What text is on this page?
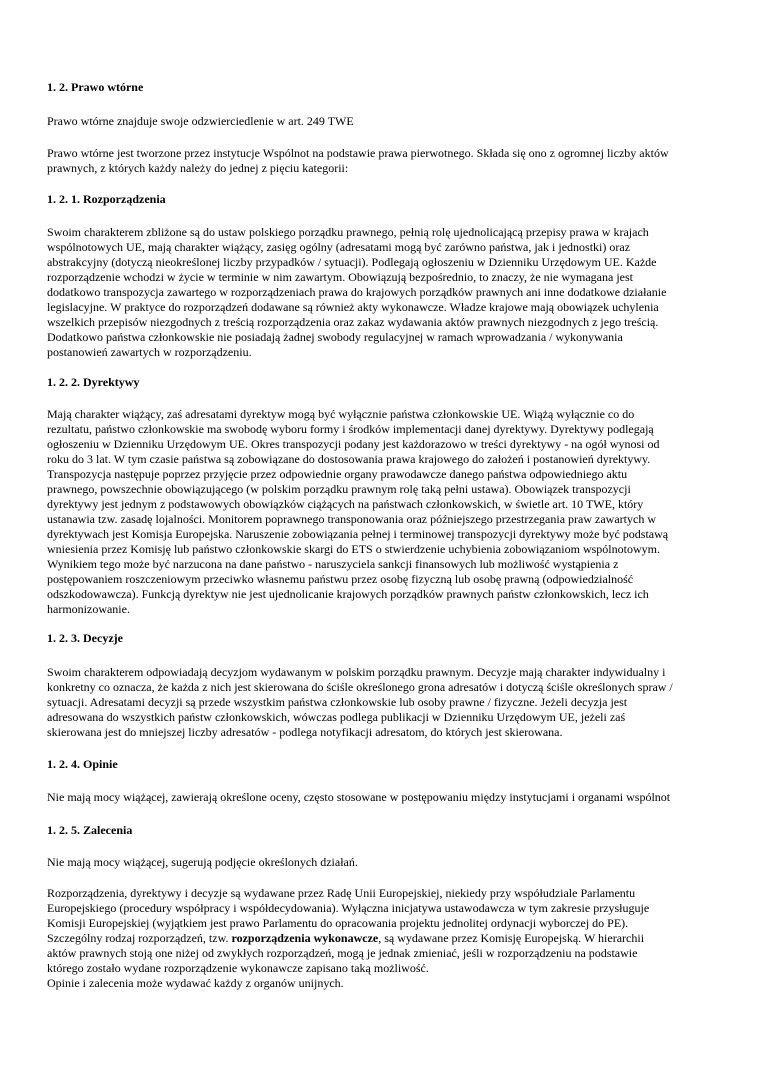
1. 2. Prawo wtórne
Prawo wtórne znajduje swoje odzwierciedlenie w art. 249 TWE
Prawo wtórne jest tworzone przez instytucje Wspólnot na podstawie prawa pierwotnego. Składa się ono z ogromnej liczby aktów
prawnych, z których każdy należy do jednej z pięciu kategorii:
1. 2. 1. Rozporządzenia
Swoim charakterem zbliżone są do ustaw polskiego porządku prawnego, pełnią rolę ujednolicającą przepisy prawa w krajach
wspólnotowych UE, mają charakter wiążący, zasięg ogólny (adresatami mogą być zarówno państwa, jak i jednostki) oraz
abstrakcyjny (dotyczą nieokreślonej liczby przypadków / sytuacji). Podlegają ogłoszeniu w Dzienniku Urzędowym UE. Każde
rozporządzenie wchodzi w życie w terminie w nim zawartym. Obowiązują bezpośrednio, to znaczy, że nie wymagana jest
dodatkowo transpozycja zawartego w rozporządzeniach prawa do krajowych porządków prawnych ani inne dodatkowe działanie
legislacyjne. W praktyce do rozporządzeń dodawane są również akty wykonawcze. Władze krajowe mają obowiązek uchylenia
wszelkich przepisów niezgodnych z treścią rozporządzenia oraz zakaz wydawania aktów prawnych niezgodnych z jego treścią.
Dodatkowo państwa członkowskie nie posiadają żadnej swobody regulacyjnej w ramach wprowadzania / wykonywania
postanowień zawartych w rozporządzeniu.
1. 2. 2. Dyrektywy
Mają charakter wiążący, zaś adresatami dyrektyw mogą być wyłącznie państwa członkowskie UE. Wiążą wyłącznie co do
rezultatu, państwo członkowskie ma swobodę wyboru formy i środków implementacji danej dyrektywy. Dyrektywy podlegają
ogłoszeniu w Dzienniku Urzędowym UE. Okres transpozycji podany jest każdorazowo w treści dyrektywy - na ogół wynosi od
roku do 3 lat. W tym czasie państwa są zobowiązane do dostosowania prawa krajowego do założeń i postanowień dyrektywy.
Transpozycja następuje poprzez przyjęcie przez odpowiednie organy prawodawcze danego państwa odpowiedniego aktu
prawnego, powszechnie obowiązującego (w polskim porządku prawnym rolę taką pełni ustawa). Obowiązek transpozycji
dyrektywy jest jednym z podstawowych obowiązków ciążących na państwach członkowskich, w świetle art. 10 TWE, który
ustanawia tzw. zasadę lojalności. Monitorem poprawnego transponowania oraz późniejszego przestrzegania praw zawartych w
dyrektywach jest Komisja Europejska. Naruszenie zobowiązania pełnej i terminowej transpozycji dyrektywy może być podstawą
wniesienia przez Komisję lub państwo członkowskie skargi do ETS o stwierdzenie uchybienia zobowiązaniom wspólnotowym.
Wynikiem tego może być narzucona na dane państwo - naruszyciela sankcji finansowych lub możliwość wystąpienia z
postępowaniem roszczeniowym przeciwko własnemu państwu przez osobę fizyczną lub osobę prawną (odpowiedzialność
odszkodowawcza). Funkcją dyrektyw nie jest ujednolicanie krajowych porządków prawnych państw członkowskich, lecz ich
harmonizowanie.
1. 2. 3. Decyzje
Swoim charakterem odpowiadają decyzjom wydawanym w polskim porządku prawnym. Decyzje mają charakter indywidualny i
konkretny co oznacza, że każda z nich jest skierowana do ściśle określonego grona adresatów i dotyczą ściśle określonych spraw /
sytuacji. Adresatami decyzji są przede wszystkim państwa członkowskie lub osoby prawne / fizyczne. Jeżeli decyzja jest
adresowana do wszystkich państw członkowskich, wówczas podlega publikacji w Dzienniku Urzędowym UE, jeżeli zaś
skierowana jest do mniejszej liczby adresatów - podlega notyfikacji adresatom, do których jest skierowana.
1. 2. 4. Opinie
Nie mają mocy wiążącej, zawierają określone oceny, często stosowane w postępowaniu między instytucjami i organami wspólnot
1. 2. 5. Zalecenia
Nie mają mocy wiążącej, sugerują podjęcie określonych działań.
Rozporządzenia, dyrektywy i decyzje są wydawane przez Radę Unii Europejskiej, niekiedy przy współudziale Parlamentu
Europejskiego (procedury współpracy i współdecydowania). Wyłączna inicjatywa ustawodawcza w tym zakresie przysługuje
Komisji Europejskiej (wyjątkiem jest prawo Parlamentu do opracowania projektu jednolitej ordynacji wyborczej do PE).
Szczególny rodzaj rozporządzeń, tzw. rozporządzenia wykonawcze, są wydawane przez Komisję Europejską. W hierarchii
aktów prawnych stoją one niżej od zwykłych rozporządzeń, mogą je jednak zmieniać, jeśli w rozporządzeniu na podstawie
którego zostało wydane rozporządzenie wykonawcze zapisano taką możliwość.
Opinie i zalecenia może wydawać każdy z organów unijnych.
